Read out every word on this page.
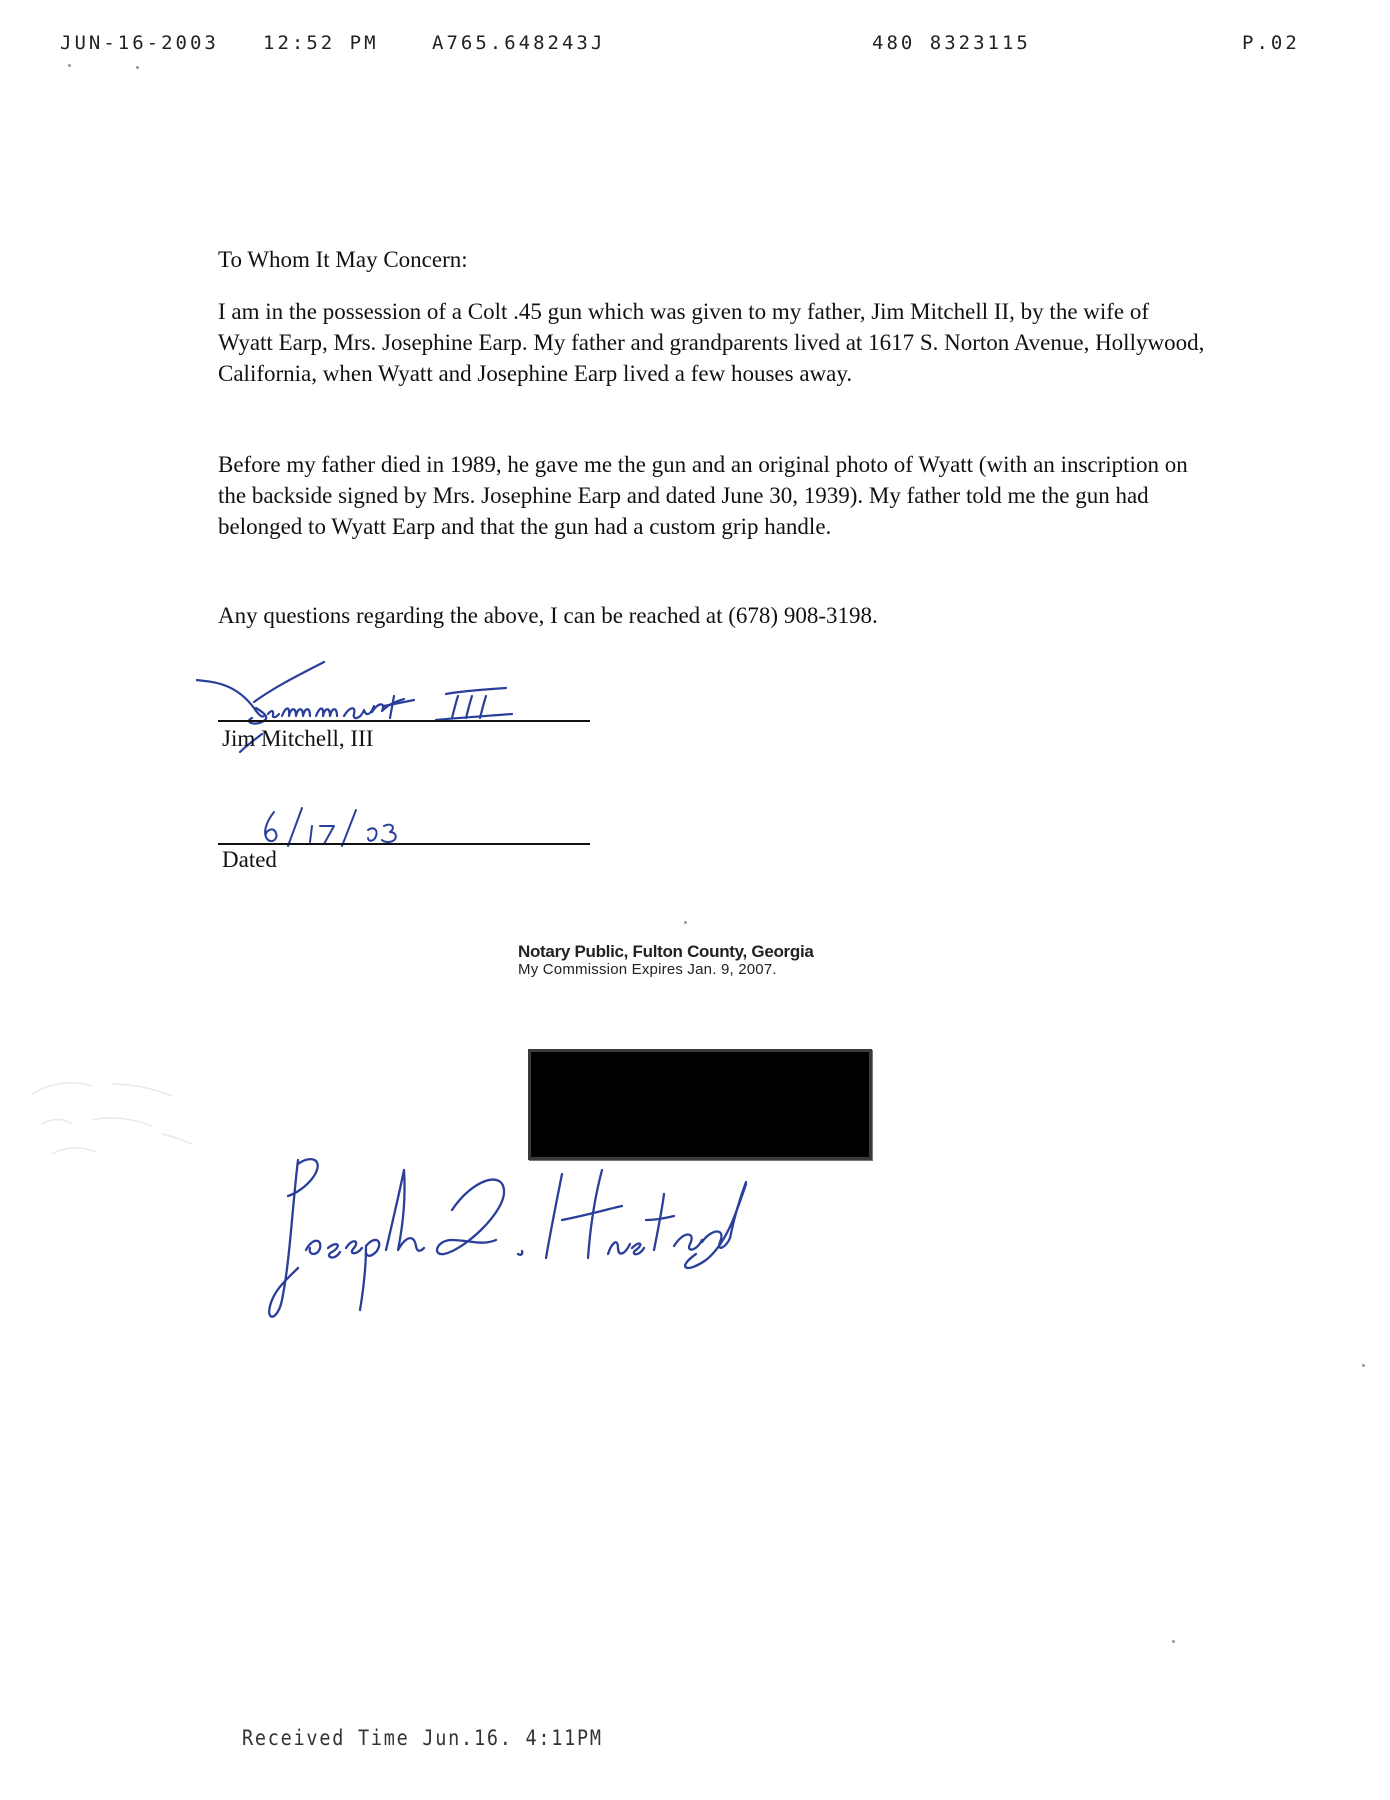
JUN-16-2003 12:52 PM	A765.648243J	480 8323115	P.02
To Whom It May Concern:

I am in the possession of a Colt .45 gun which was given to my father, Jim Mitchell II, by the wife of Wyatt Earp, Mrs. Josephine Earp. My father and grandparents lived at 1617 S. Norton Avenue, Hollywood, California, when Wyatt and Josephine Earp lived a few houses away.

Before my father died in 1989, he gave me the gun and an original photo of Wyatt (with an inscription on the backside signed by Mrs. Josephine Earp and dated June 30, 1939). My father told me the gun had belonged to Wyatt Earp and that the gun had a custom grip handle.

Any questions regarding the above, I can be reached at (678) 908-3198.

Jim Mitchell, III
Dated
Notary Public, Fulton County, Georgia
My Commission Expires Jan. 9, 2007.
Received Time Jun.16. 4:11PM
